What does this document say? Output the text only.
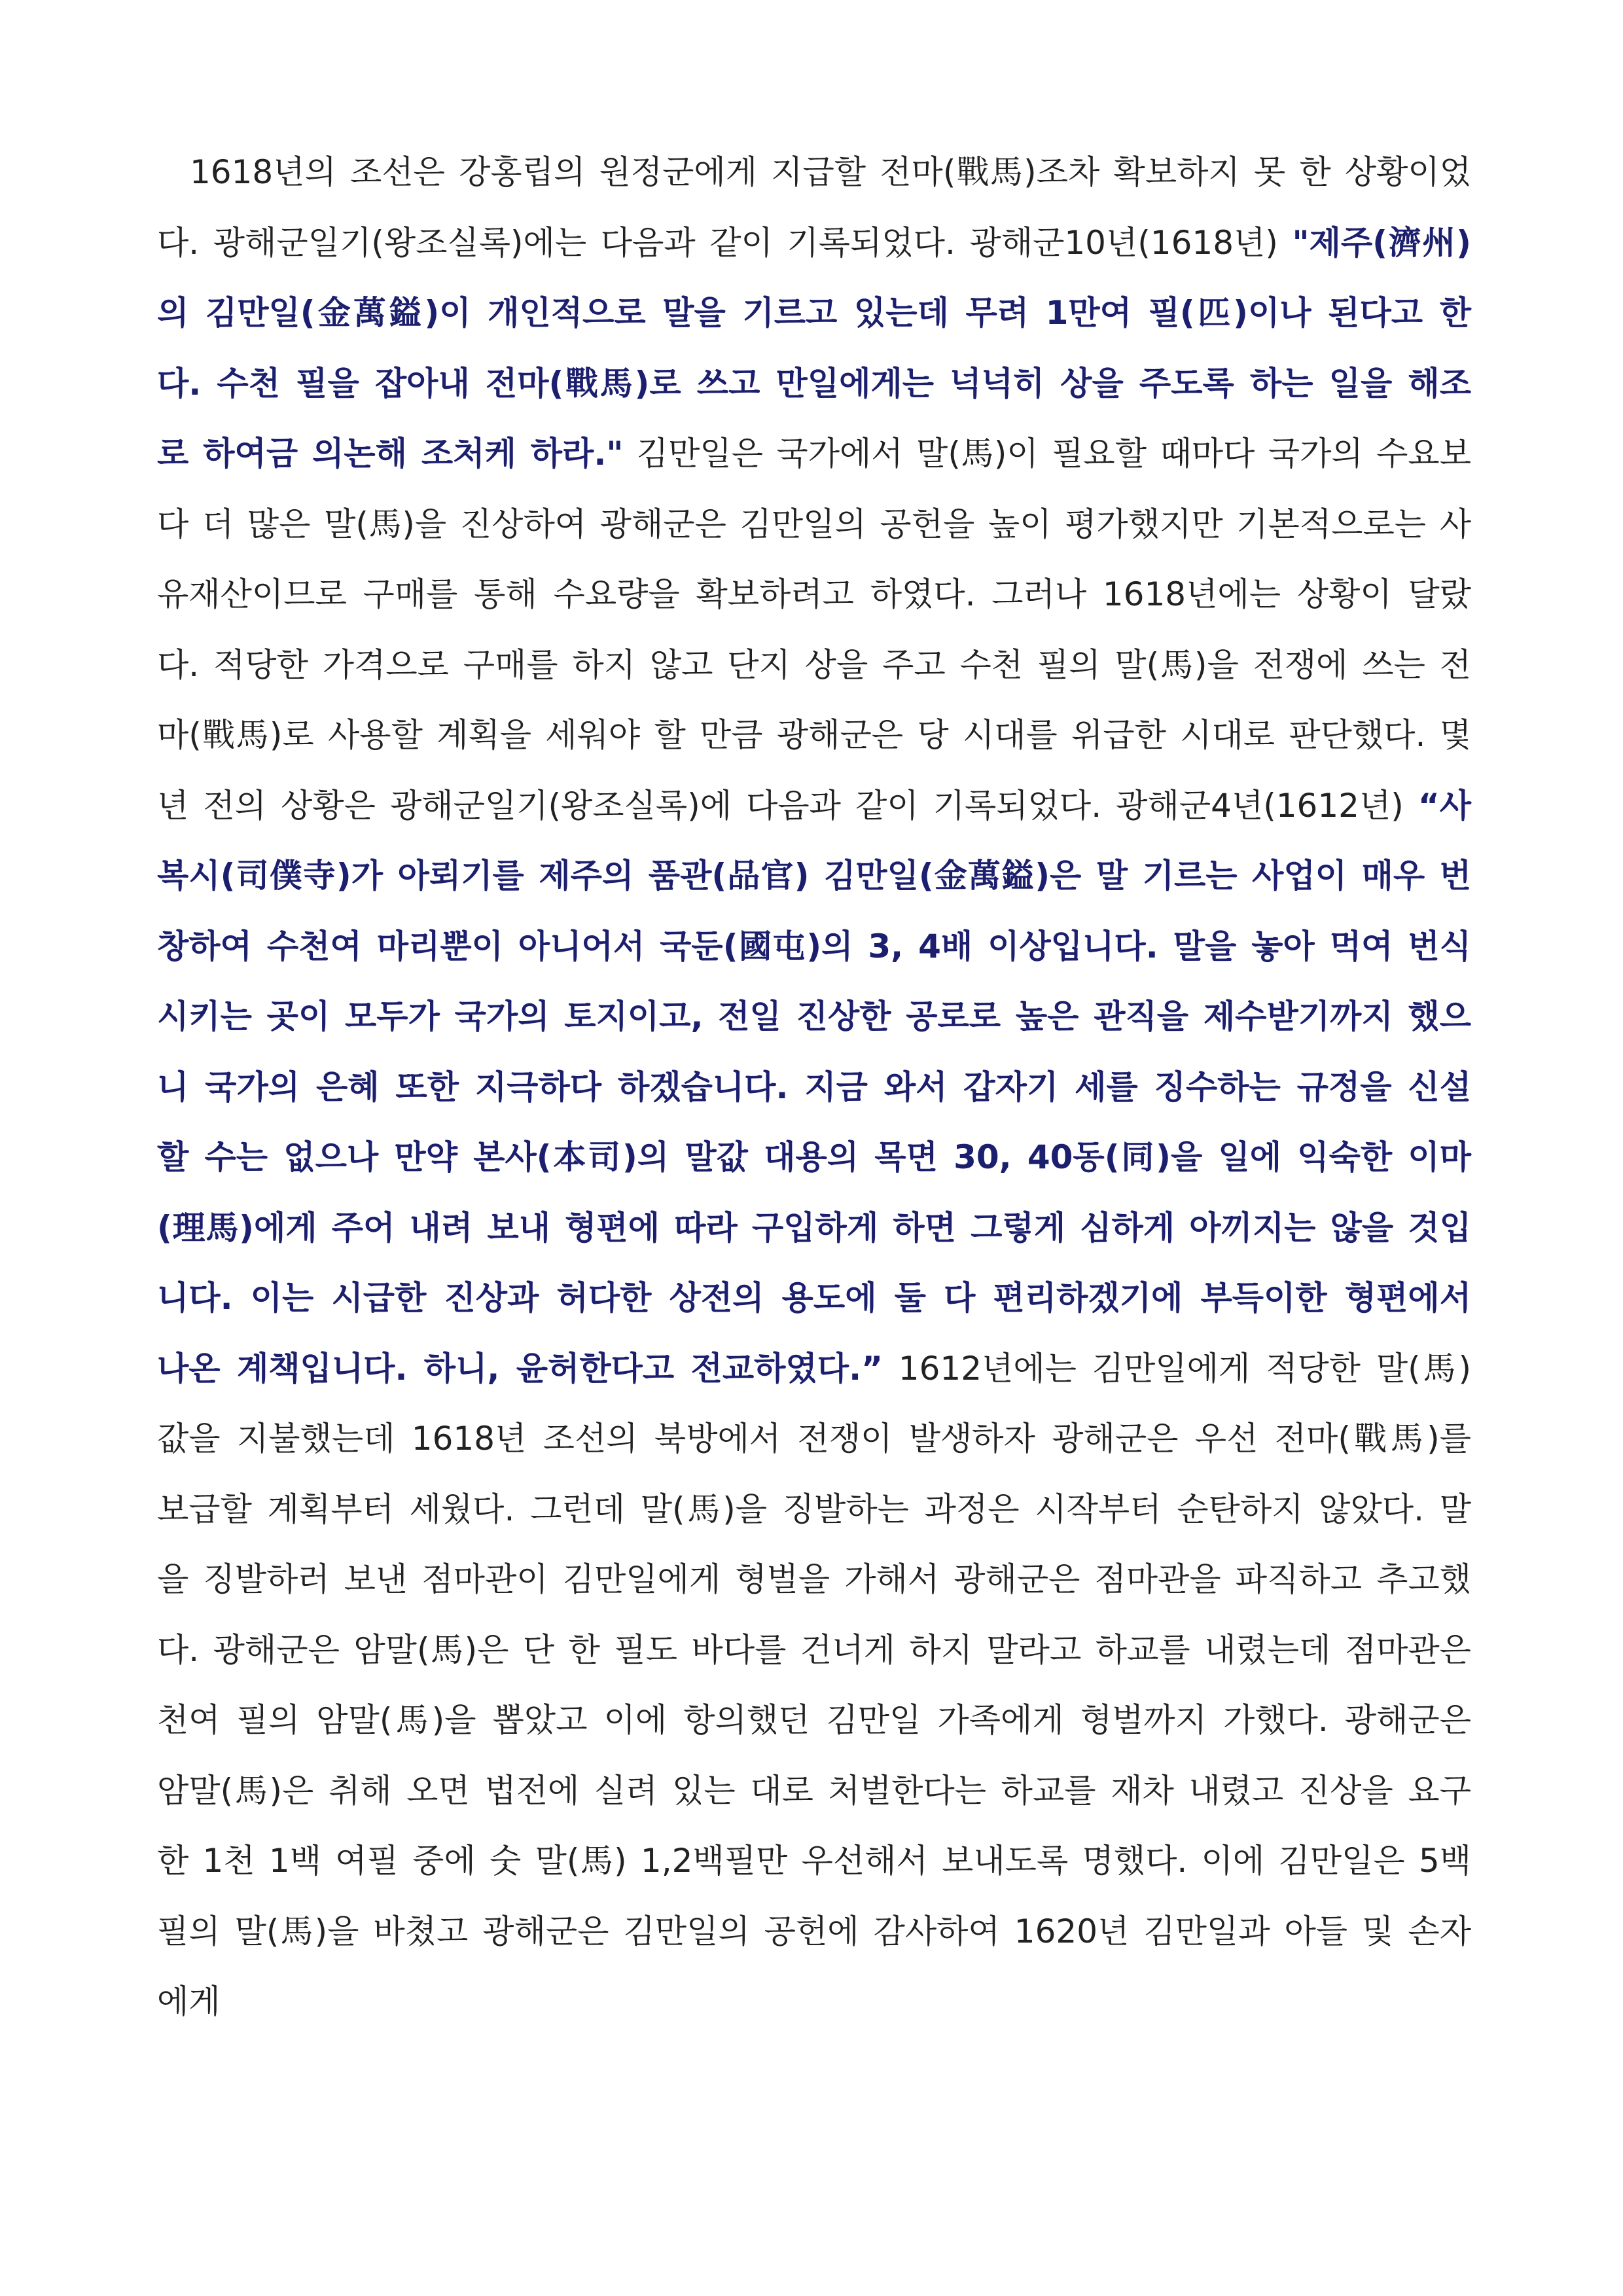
1618년의 조선은 강홍립의 원정군에게 지급할 전마(戰馬)조차 확보하지 못 한 상황이었다. 광해군일기(왕조실록)에는 다음과 같이 기록되었다. 광해군10년(1618년) "제주(濟州)의 김만일(金萬鎰)이 개인적으로 말을 기르고 있는데 무려 1만여 필(匹)이나 된다고 한다. 수천 필을 잡아내 전마(戰馬)로 쓰고 만일에게는 넉넉히 상을 주도록 하는 일을 해조로 하여금 의논해 조처케 하라." 김만일은 국가에서 말(馬)이 필요할 때마다 국가의 수요보다 더 많은 말(馬)을 진상하여 광해군은 김만일의 공헌을 높이 평가했지만 기본적으로는 사유재산이므로 구매를 통해 수요량을 확보하려고 하였다. 그러나 1618년에는 상황이 달랐다. 적당한 가격으로 구매를 하지 않고 단지 상을 주고 수천 필의 말(馬)을 전쟁에 쓰는 전마(戰馬)로 사용할 계획을 세워야 할 만큼 광해군은 당 시대를 위급한 시대로 판단했다. 몇 년 전의 상황은 광해군일기(왕조실록)에 다음과 같이 기록되었다. 광해군4년(1612년) “사복시(司僕寺)가 아뢰기를 제주의 품관(品官) 김만일(金萬鎰)은 말 기르는 사업이 매우 번창하여 수천여 마리뿐이 아니어서 국둔(國屯)의 3, 4배 이상입니다. 말을 놓아 먹여 번식시키는 곳이 모두가 국가의 토지이고, 전일 진상한 공로로 높은 관직을 제수받기까지 했으니 국가의 은혜 또한 지극하다 하겠습니다. 지금 와서 갑자기 세를 징수하는 규정을 신설할 수는 없으나 만약 본사(本司)의 말값 대용의 목면 30, 40동(同)을 일에 익숙한 이마(理馬)에게 주어 내려 보내 형편에 따라 구입하게 하면 그렇게 심하게 아끼지는 않을 것입니다. 이는 시급한 진상과 허다한 상전의 용도에 둘 다 편리하겠기에 부득이한 형편에서 나온 계책입니다. 하니, 윤허한다고 전교하였다.” 1612년에는 김만일에게 적당한 말(馬) 값을 지불했는데 1618년 조선의 북방에서 전쟁이 발생하자 광해군은 우선 전마(戰馬)를 보급할 계획부터 세웠다. 그런데 말(馬)을 징발하는 과정은 시작부터 순탄하지 않았다. 말을 징발하러 보낸 점마관이 김만일에게 형벌을 가해서 광해군은 점마관을 파직하고 추고했다. 광해군은 암말(馬)은 단 한 필도 바다를 건너게 하지 말라고 하교를 내렸는데 점마관은 천여 필의 암말(馬)을 뽑았고 이에 항의했던 김만일 가족에게 형벌까지 가했다. 광해군은 암말(馬)은 취해 오면 법전에 실려 있는 대로 처벌한다는 하교를 재차 내렸고 진상을 요구한 1천 1백 여필 중에 숫 말(馬) 1,2백필만 우선해서 보내도록 명했다. 이에 김만일은 5백필의 말(馬)을 바쳤고 광해군은 김만일의 공헌에 감사하여 1620년 김만일과 아들 및 손자에게
